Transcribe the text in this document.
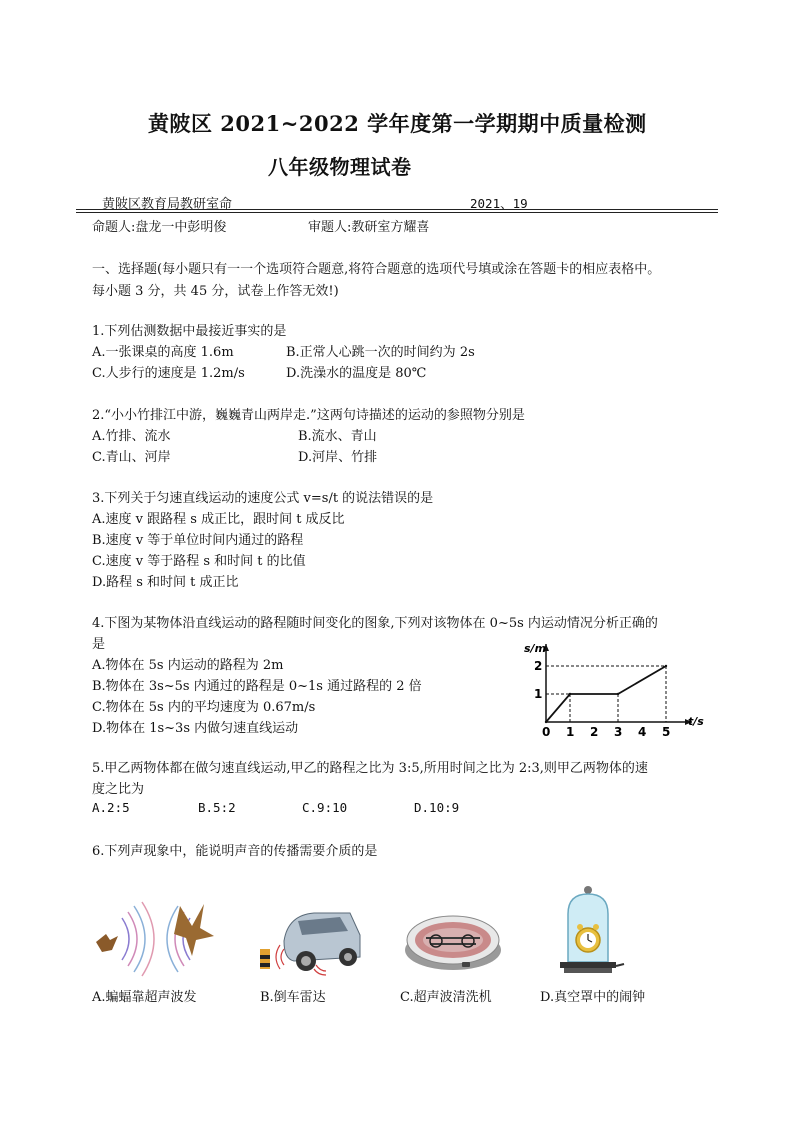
黄陂区 2021~2022 学年度第一学期期中质量检测
八年级物理试卷
黄陂区教育局教研室命	2021、19
命题人:盘龙一中彭明俊	审题人:教研室方耀喜
一、选择题(每小题只有一一个选项符合题意,将符合题意的选项代号填或涂在答题卡的相应表格中。
每小题 3 分，共 45 分，试卷上作答无效!)
1.下列估测数据中最接近事实的是
A.一张课桌的高度 1.6m	B.正常人心跳一次的时间约为 2s
C.人步行的速度是 1.2m/s	D.洗澡水的温度是 80℃
2.“小小竹排江中游，巍巍青山两岸走.”这两句诗描述的运动的参照物分别是
A.竹排、流水	B.流水、青山
C.青山、河岸	D.河岸、竹排
3.下列关于匀速直线运动的速度公式 v=s/t 的说法错误的是
A.速度 v 跟路程 s 成正比，跟时间 t 成反比
B.速度 v 等于单位时间内通过的路程
C.速度 v 等于路程 s 和时间 t 的比值
D.路程 s 和时间 t 成正比
4.下图为某物体沿直线运动的路程随时间变化的图象,下列对该物体在 0~5s 内运动情况分析正确的
是
A.物体在 5s 内运动的路程为 2m
B.物体在 3s~5s 内通过的路程是 0~1s 通过路程的 2 倍
C.物体在 5s 内的平均速度为 0.67m/s
D.物体在 1s~3s 内做匀速直线运动
s/m
t/s
0 1 2 3 4 5
1
2
5.甲乙两物体都在做匀速直线运动,甲乙的路程之比为 3:5,所用时间之比为 2:3,则甲乙两物体的速
度之比为
A.2:5	B.5:2	C.9:10	D.10:9
6.下列声现象中，能说明声音的传播需要介质的是
A.蝙蝠靠超声波发	B.倒车雷达	C.超声波清洗机	D.真空罩中的闹钟
